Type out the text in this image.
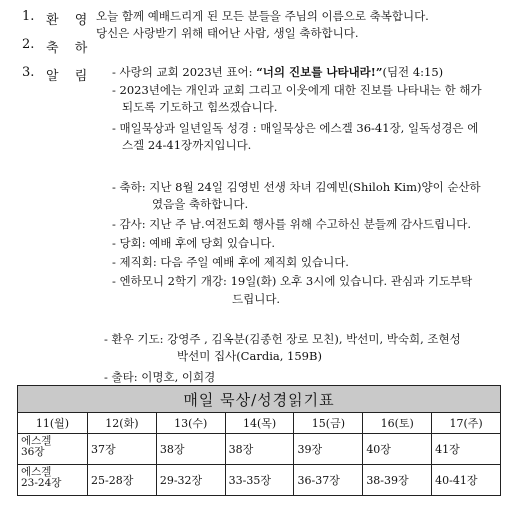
1. 환 영 오늘 함께 예배드리게 된 모든 분들을 주님의 이름으로 축복합니다.
2. 축 하
당신은 사랑받기 위해 태어난 사람, 생일 축하합니다.
3. 알 림 - 사랑의 교회 2023년 표어: “너의 진보를 나타내라!”(딤전 4:15)
- 2023년에는 개인과 교회 그리고 이웃에게 대한 진보를 나타내는 한 해가
되도록 기도하고 힘쓰겠습니다.
- 매일묵상과 일년일독 성경 : 매일묵상은 에스겔 36-41장, 일독성경은 에
스겔 24-41장까지입니다.
- 축하: 지난 8월 24일 김영빈 선생 차녀 김예빈(Shiloh Kim)양이 순산하
였음을 축하합니다.
- 감사: 지난 주 남.여전도회 행사를 위해 수고하신 분들께 감사드립니다.
- 당회: 예배 후에 당회 있습니다.
- 제직회: 다음 주일 예배 후에 제직회 있습니다.
- 엔하모니 2학기 개강: 19일(화) 오후 3시에 있습니다. 관심과 기도부탁
드립니다.
- 환우 기도: 강영주 , 김옥분(김종헌 장로 모친), 박선미, 박숙희, 조현성
박선미 집사(Cardia, 159B)
- 출타: 이명호, 이희경
매일 묵상/성경읽기표						
11(월)	12(화)	13(수)	14(목)	15(금)	16(토)	17(주)

에스겔
36장	37장	38장	38장	39장	40장	41장

에스겔
23-24장	25-28장	29-32장	33-35장	36-37장	38-39장	40-41장
